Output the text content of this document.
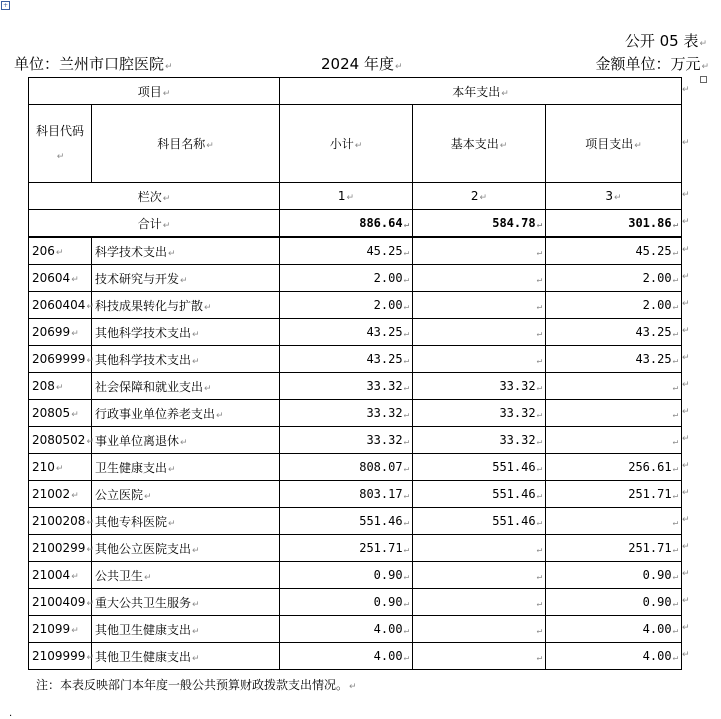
+
公开 05 表↵
单位：兰州市口腔医院↵	2024 年度↵	金额单位：万元↵
项目↵		本年支出↵		
科目代码↵	科目名称↵	小计↵	基本支出↵	项目支出↵
栏次↵		1↵	2↵	3↵
合计↵		886.64↵	584.78↵	301.86↵
206↵	科学技术支出↵	45.25↵	↵	45.25↵
20604↵	技术研究与开发↵	2.00↵	↵	2.00↵
2060404↵	科技成果转化与扩散↵	2.00↵	↵	2.00↵
20699↵	其他科学技术支出↵	43.25↵	↵	43.25↵
2069999↵	其他科学技术支出↵	43.25↵	↵	43.25↵
208↵	社会保障和就业支出↵	33.32↵	33.32↵	↵
20805↵	行政事业单位养老支出↵	33.32↵	33.32↵	↵
2080502↵	事业单位离退休↵	33.32↵	33.32↵	↵
210↵	卫生健康支出↵	808.07↵	551.46↵	256.61↵
21002↵	公立医院↵	803.17↵	551.46↵	251.71↵
2100208↵	其他专科医院↵	551.46↵	551.46↵	↵
2100299↵	其他公立医院支出↵	251.71↵	↵	251.71↵
21004↵	公共卫生↵	0.90↵	↵	0.90↵
2100409↵	重大公共卫生服务↵	0.90↵	↵	0.90↵
21099↵	其他卫生健康支出↵	4.00↵	↵	4.00↵
2109999↵	其他卫生健康支出↵	4.00↵	↵	4.00↵
注：本表反映部门本年度一般公共预算财政拨款支出情况。↵
.
↵
↵
↵
↵
↵
↵
↵
↵
↵
↵
↵
↵
↵
↵
↵
↵
↵
↵
↵
↵
